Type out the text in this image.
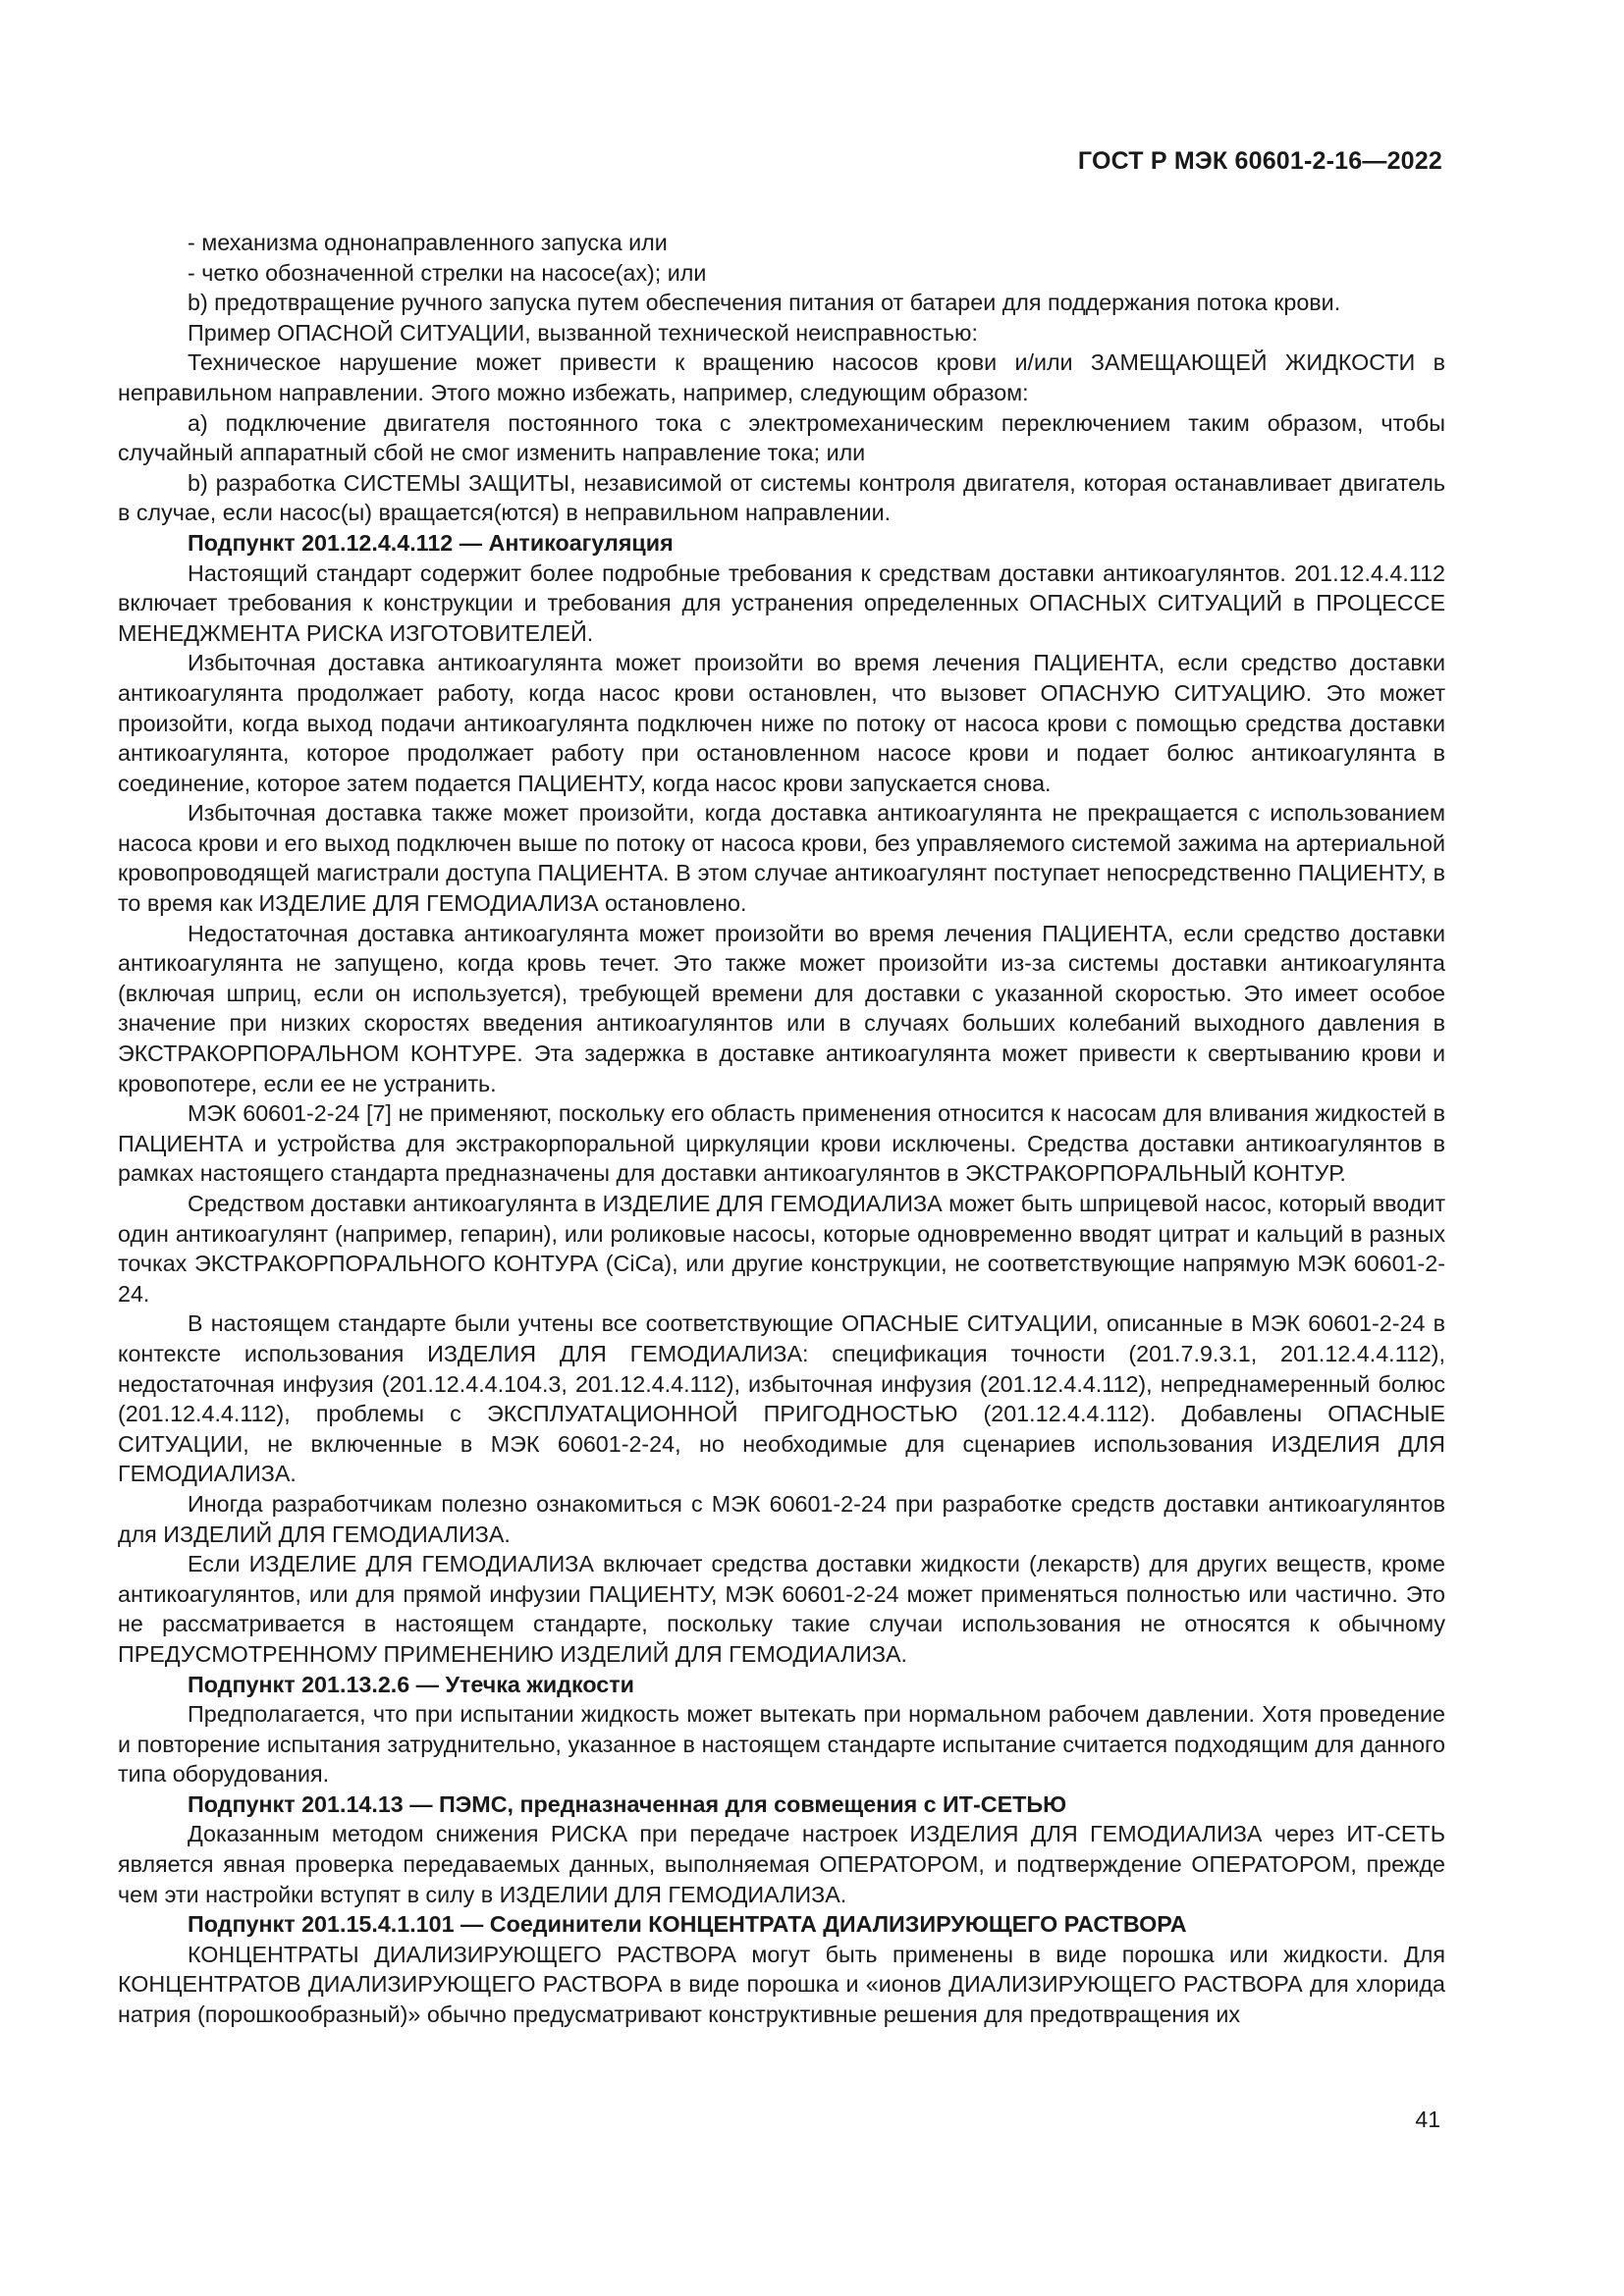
ГОСТ Р МЭК 60601-2-16—2022

- механизма однонаправленного запуска или

- четко обозначенной стрелки на насосе(ах); или

b) предотвращение ручного запуска путем обеспечения питания от батареи для поддержания потока крови.

Пример ОПАСНОЙ СИТУАЦИИ, вызванной технической неисправностью:

Техническое нарушение может привести к вращению насосов крови и/или ЗАМЕЩАЮЩЕЙ ЖИДКОСТИ в неправильном направлении. Этого можно избежать, например, следующим образом:

a) подключение двигателя постоянного тока с электромеханическим переключением таким образом, чтобы случайный аппаратный сбой не смог изменить направление тока; или

b) разработка СИСТЕМЫ ЗАЩИТЫ, независимой от системы контроля двигателя, которая останавливает двигатель в случае, если насос(ы) вращается(ются) в неправильном направлении.

Подпункт 201.12.4.4.112 — Антикоагуляция

Настоящий стандарт содержит более подробные требования к средствам доставки антикоагулянтов. 201.12.4.4.112 включает требования к конструкции и требования для устранения определенных ОПАСНЫХ СИТУАЦИЙ в ПРОЦЕССЕ МЕНЕДЖМЕНТА РИСКА ИЗГОТОВИТЕЛЕЙ.

Избыточная доставка антикоагулянта может произойти во время лечения ПАЦИЕНТА, если средство доставки антикоагулянта продолжает работу, когда насос крови остановлен, что вызовет ОПАСНУЮ СИТУАЦИЮ. Это может произойти, когда выход подачи антикоагулянта подключен ниже по потоку от насоса крови с помощью средства доставки антикоагулянта, которое продолжает работу при остановленном насосе крови и подает болюс антикоагулянта в соединение, которое затем подается ПАЦИЕНТУ, когда насос крови запускается снова.

Избыточная доставка также может произойти, когда доставка антикоагулянта не прекращается с использованием насоса крови и его выход подключен выше по потоку от насоса крови, без управляемого системой зажима на артериальной кровопроводящей магистрали доступа ПАЦИЕНТА. В этом случае антикоагулянт поступает непосредственно ПАЦИЕНТУ, в то время как ИЗДЕЛИЕ ДЛЯ ГЕМОДИАЛИЗА остановлено.

Недостаточная доставка антикоагулянта может произойти во время лечения ПАЦИЕНТА, если средство доставки антикоагулянта не запущено, когда кровь течет. Это также может произойти из-за системы доставки антикоагулянта (включая шприц, если он используется), требующей времени для доставки с указанной скоростью. Это имеет особое значение при низких скоростях введения антикоагулянтов или в случаях больших колебаний выходного давления в ЭКСТРАКОРПОРАЛЬНОМ КОНТУРЕ. Эта задержка в доставке антикоагулянта может привести к свертыванию крови и кровопотере, если ее не устранить.

МЭК 60601-2-24 [7] не применяют, поскольку его область применения относится к насосам для вливания жидкостей в ПАЦИЕНТА и устройства для экстракорпоральной циркуляции крови исключены. Средства доставки антикоагулянтов в рамках настоящего стандарта предназначены для доставки антикоагулянтов в ЭКСТРАКОРПОРАЛЬНЫЙ КОНТУР.

Средством доставки антикоагулянта в ИЗДЕЛИЕ ДЛЯ ГЕМОДИАЛИЗА может быть шприцевой насос, который вводит один антикоагулянт (например, гепарин), или роликовые насосы, которые одновременно вводят цитрат и кальций в разных точках ЭКСТРАКОРПОРАЛЬНОГО КОНТУРА (CiCa), или другие конструкции, не соответствующие напрямую МЭК 60601-2-24.

В настоящем стандарте были учтены все соответствующие ОПАСНЫЕ СИТУАЦИИ, описанные в МЭК 60601-2-24 в контексте использования ИЗДЕЛИЯ ДЛЯ ГЕМОДИАЛИЗА: спецификация точности (201.7.9.3.1, 201.12.4.4.112), недостаточная инфузия (201.12.4.4.104.3, 201.12.4.4.112), избыточная инфузия (201.12.4.4.112), непреднамеренный болюс (201.12.4.4.112), проблемы с ЭКСПЛУАТАЦИОННОЙ ПРИГОДНОСТЬЮ (201.12.4.4.112). Добавлены ОПАСНЫЕ СИТУАЦИИ, не включенные в МЭК 60601-2-24, но необходимые для сценариев использования ИЗДЕЛИЯ ДЛЯ ГЕМОДИАЛИЗА.

Иногда разработчикам полезно ознакомиться с МЭК 60601-2-24 при разработке средств доставки антикоагулянтов для ИЗДЕЛИЙ ДЛЯ ГЕМОДИАЛИЗА.

Если ИЗДЕЛИЕ ДЛЯ ГЕМОДИАЛИЗА включает средства доставки жидкости (лекарств) для других веществ, кроме антикоагулянтов, или для прямой инфузии ПАЦИЕНТУ, МЭК 60601-2-24 может применяться полностью или частично. Это не рассматривается в настоящем стандарте, поскольку такие случаи использования не относятся к обычному ПРЕДУСМОТРЕННОМУ ПРИМЕНЕНИЮ ИЗДЕЛИЙ ДЛЯ ГЕМОДИАЛИЗА.

Подпункт 201.13.2.6 — Утечка жидкости

Предполагается, что при испытании жидкость может вытекать при нормальном рабочем давлении. Хотя проведение и повторение испытания затруднительно, указанное в настоящем стандарте испытание считается подходящим для данного типа оборудования.

Подпункт 201.14.13 — ПЭМС, предназначенная для совмещения с ИТ-СЕТЬЮ

Доказанным методом снижения РИСКА при передаче настроек ИЗДЕЛИЯ ДЛЯ ГЕМОДИАЛИЗА через ИТ-СЕТЬ является явная проверка передаваемых данных, выполняемая ОПЕРАТОРОМ, и подтверждение ОПЕРАТОРОМ, прежде чем эти настройки вступят в силу в ИЗДЕЛИИ ДЛЯ ГЕМОДИАЛИЗА.

Подпункт 201.15.4.1.101 — Соединители КОНЦЕНТРАТА ДИАЛИЗИРУЮЩЕГО РАСТВОРА

КОНЦЕНТРАТЫ ДИАЛИЗИРУЮЩЕГО РАСТВОРА могут быть применены в виде порошка или жидкости. Для КОНЦЕНТРАТОВ ДИАЛИЗИРУЮЩЕГО РАСТВОРА в виде порошка и «ионов ДИАЛИЗИРУЮЩЕГО РАСТВОРА для хлорида натрия (порошкообразный)» обычно предусматривают конструктивные решения для предотвращения их

41
